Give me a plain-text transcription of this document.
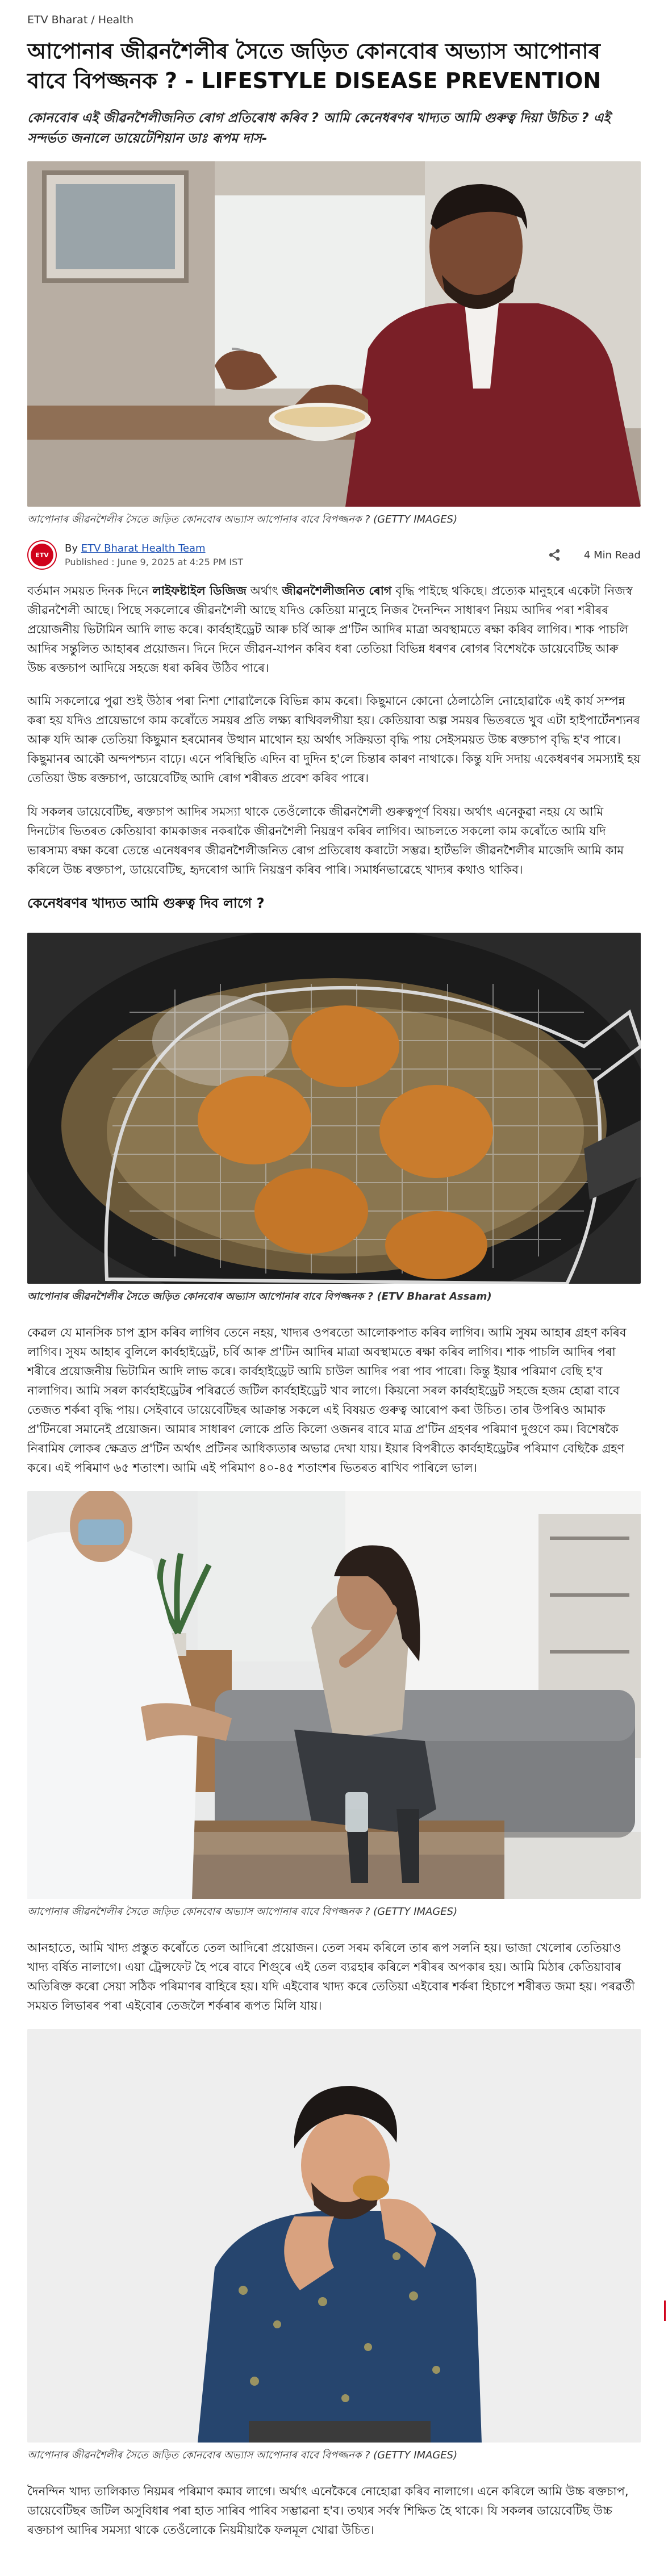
ETV Bharat / Health
আপোনাৰ জীৱনশৈলীৰ সৈতে জড়িত কোনবোৰ অভ্যাস আপোনাৰ বাবে বিপজ্জনক ? - LIFESTYLE DISEASE PREVENTION

কোনবোৰ এই জীৱনশৈলীজনিত ৰোগ প্ৰতিৰোধ কৰিব ? আমি কেনেধৰণৰ খাদ্যত আমি গুৰুত্ব দিয়া উচিত ? এই সন্দৰ্ভত জনালে ডায়েটেশিয়ান ডাঃ ৰূপম দাস-

আপোনাৰ জীৱনশৈলীৰ সৈতে জড়িত কোনবোৰ অভ্যাস আপোনাৰ বাবে বিপজ্জনক ? (GETTY IMAGES)
ETV
By ETV Bharat Health Team
Published : June 9, 2025 at 4:25 PM IST
4 Min Read

বৰ্তমান সময়ত দিনক দিনে লাইফষ্টাইল ডিজিজ অৰ্থাৎ জীৱনশৈলীজনিত ৰোগ বৃদ্ধি পাইছে থকিছে। প্ৰত্যেক মানুহৰে একেটা নিজস্ব জীৱনশৈলী আছে। পিছে সকলোৰে জীৱনশৈলী আছে যদিও কেতিয়া মানুহে নিজৰ দৈনন্দিন সাধাৰণ নিয়ম আদিৰ পৰা শৰীৰৰ প্ৰয়োজনীয় ভিটামিন আদি লাভ কৰে। কাৰ্বহাইড্ৰেট আৰু চৰ্বি আৰু প্ৰ'টিন আদিৰ মাত্ৰা অবস্থামতে ৰক্ষা কৰিব লাগিব। শাক পাচলি আদিৰ সন্তুলিত আহাৰৰ প্ৰয়োজন। দিনে দিনে জীৱন-যাপন কৰিব ধৰা তেতিয়া বিভিন্ন ধৰণৰ ৰোগৰ বিশেষকৈ ডায়েবেটিছ আৰু উচ্চ ৰক্তচাপ আদিয়ে সহজে ধৰা কৰিব উঠিব পাৰে।

আমি সকলোৱে পুৱা শুই উঠাৰ পৰা নিশা শোৱালৈকে বিভিন্ন কাম কৰো। কিছুমানে কোনো ঠেলাঠেলি নোহোৱাকৈ এই কাৰ্য সম্পন্ন কৰা হয় যদিও প্ৰায়েভাগে কাম কৰোঁতে সময়ৰ প্ৰতি লক্ষ্য ৰাখিবলগীয়া হয়। কেতিয়াবা অল্প সময়ৰ ভিতৰতে খুব এটা হাইপাৰ্টেনশ্যনৰ আৰু যদি আৰু তেতিয়া কিছুমান হৰমোনৰ উত্থান মাথোন হয় অৰ্থাৎ সক্ৰিয়তা বৃদ্ধি পায় সেইসময়ত উচ্চ ৰক্তচাপ বৃদ্ধি হ'ব পাৰে। কিছুমানৰ আকৌ অন্দপশ্চ্যন বাঢ়ে। এনে পৰিস্থিতি এদিন বা দুদিন হ'লে চিন্তাৰ কাৰণ নাথাকে। কিন্তু যদি সদায় একেধৰণৰ সমস্যাই হয় তেতিয়া উচ্চ ৰক্তচাপ, ডায়েবেটিছ আদি ৰোগ শৰীৰত প্ৰবেশ কৰিব পাৰে।

যি সকলৰ ডায়েবেটিছ, ৰক্তচাপ আদিৰ সমস্যা থাকে তেওঁলোকে জীৱনশৈলী গুৰুত্বপূৰ্ণ বিষয়। অৰ্থাৎ এনেকুৱা নহয় যে আমি দিনটোৰ ভিতৰত কেতিয়াবা কামকাজৰ নকৰাকৈ জীৱনশৈলী নিয়ন্ত্ৰণ কৰিব লাগিব। আচলতে সকলো কাম কৰোঁতে আমি যদি ভাৰসাম্য ৰক্ষা কৰো তেন্তে এনেধৰণৰ জীৱনশৈলীজনিত ৰোগ প্ৰতিৰোধ কৰাটো সম্ভৱ। হাৰ্টভলি জীৱনশৈলীৰ মাজেদি আমি কাম কৰিলে উচ্চ ৰক্তচাপ, ডায়েবেটিছ, হৃদৰোগ আদি নিয়ন্ত্ৰণ কৰিব পাৰি। সমাৰ্ধনভাৱেহে খাদ্যৰ কথাও থাকিব।

কেনেধৰণৰ খাদ্যত আমি গুৰুত্ব দিব লাগে ?
আপোনাৰ জীৱনশৈলীৰ সৈতে জড়িত কোনবোৰ অভ্যাস আপোনাৰ বাবে বিপজ্জনক ? (ETV Bharat Assam)

কেৱল যে মানসিক চাপ হ্ৰাস কৰিব লাগিব তেনে নহয়, খাদ্যৰ ওপৰতো আলোকপাত কৰিব লাগিব। আমি সুষম আহাৰ গ্ৰহণ কৰিব লাগিব। সুষম আহাৰ বুলিলে কাৰ্বহাইড্ৰেট, চৰ্বি আৰু প্ৰ'টিন আদিৰ মাত্ৰা অবস্থামতে ৰক্ষা কৰিব লাগিব। শাক পাচলি আদিৰ পৰা শৰীৰে প্ৰয়োজনীয় ভিটামিন আদি লাভ কৰে। কাৰ্বহাইড্ৰেট আমি চাউল আদিৰ পৰা পাব পাৰো। কিন্তু ইয়াৰ পৰিমাণ বেছি হ'ব নালাগিব। আমি সৰল কাৰ্বহাইড্ৰেটৰ পৰিৱৰ্তে জটিল কাৰ্বহাইড্ৰেট খাব লাগে। কিয়নো সৰল কাৰ্বহাইড্ৰেট সহজে হজম হোৱা বাবে তেজত শৰ্কৰা বৃদ্ধি পায়। সেইবাবে ডায়েবেটিছৰ আক্ৰান্ত সকলে এই বিষয়ত গুৰুত্ব আৰোপ কৰা উচিত। তাৰ উপৰিও আমাক প্ৰ'টিনৰো সমানেই প্ৰয়োজন। আমাৰ সাধাৰণ লোকে প্ৰতি কিলো ওজনৰ বাবে মাত্ৰ প্ৰ'টিন গ্ৰহণৰ পৰিমাণ দুগুণে কম। বিশেষকৈ নিৰামিষ লোকৰ ক্ষেত্ৰত প্ৰ'টিন অৰ্থাৎ প্ৰটিনৰ আধিক্যতাৰ অভাৱ দেখা যায়। ইয়াৰ বিপৰীতে কাৰ্বহাইড্ৰেটৰ পৰিমাণ বেছিকৈ গ্ৰহণ কৰে। এই পৰিমাণ ৬৫ শতাংশ। আমি এই পৰিমাণ ৪০-৪৫ শতাংশৰ ভিতৰত ৰাখিব পাৰিলে ভাল।

আপোনাৰ জীৱনশৈলীৰ সৈতে জড়িত কোনবোৰ অভ্যাস আপোনাৰ বাবে বিপজ্জনক ? (GETTY IMAGES)

আনহাতে, আমি খাদ্য প্ৰস্তুত কৰোঁতে তেল আদিৰো প্ৰয়োজন। তেল সৰম কৰিলে তাৰ ৰূপ সলনি হয়। ভাজা খেলোৰ তেতিয়াও খাদ্য বৰ্ষিত নালাগে। এয়া ট্ৰেন্সফেট হৈ পৰে বাবে শিগু্ৰে এই তেল ব্যৱহাৰ কৰিলে শৰীৰৰ অপকাৰ হয়। আমি মিঠাৰ কেতিয়াবাৰ অতিৰিক্ত কৰো সেয়া সঠিক পৰিমাণৰ বাহিৰে হয়। যদি এইবোৰ খাদ্য কৰে তেতিয়া এইবোৰ শৰ্কৰা হিচাপে শৰীৰত জমা হয়। পৰৱৰ্তী সময়ত লিভাৰৰ পৰা এইবোৰ তেজলৈ শৰ্কৰাৰ ৰূপত মিলি যায়।

আপোনাৰ জীৱনশৈলীৰ সৈতে জড়িত কোনবোৰ অভ্যাস আপোনাৰ বাবে বিপজ্জনক ? (GETTY IMAGES)

দৈনন্দিন খাদ্য তালিকাত নিয়মৰ পৰিমাণ কমাব লাগে। অৰ্থাৎ এনেকৈৰে নোহোৱা কৰিব নালাগে। এনে কৰিলে আমি উচ্চ ৰক্তচাপ, ডায়েবেটিছৰ জটিল অসুবিধাৰ পৰা হাত সাৰিব পাৰিব সম্ভাৱনা হ'ব। তথ্যৰ সৰ্বস্ব শিক্ষিত হৈ থাকে। যি সকলৰ ডায়েবেটিছ উচ্চ ৰক্তচাপ আদিৰ সমস্যা থাকে তেওঁলোকে নিয়মীয়াকৈ ফলমূল খোৱা উচিত।
